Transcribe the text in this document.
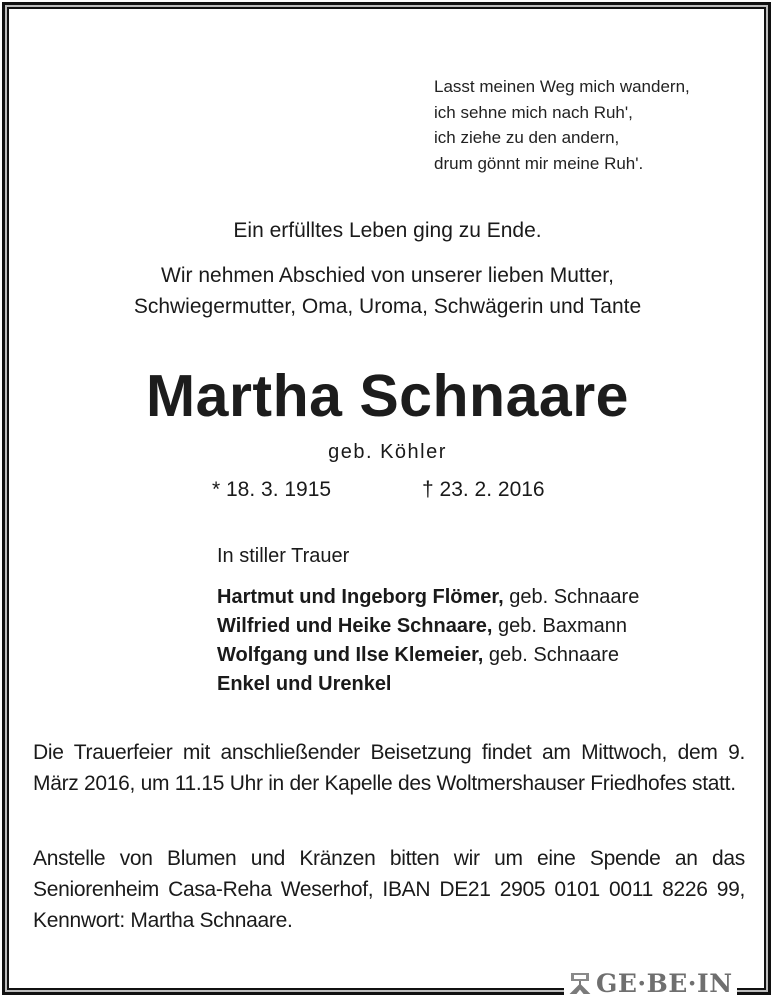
Lasst meinen Weg mich wandern,
ich sehne mich nach Ruh',
ich ziehe zu den andern,
drum gönnt mir meine Ruh'.
Ein erfülltes Leben ging zu Ende.
Wir nehmen Abschied von unserer lieben Mutter,
Schwiegermutter, Oma, Uroma, Schwägerin und Tante
Martha Schnaare
geb. Köhler
* 18. 3. 1915	† 23. 2. 2016
In stiller Trauer
Hartmut und Ingeborg Flömer, geb. Schnaare
Wilfried und Heike Schnaare, geb. Baxmann
Wolfgang und Ilse Klemeier, geb. Schnaare
Enkel und Urenkel
Die Trauerfeier mit anschließender Beisetzung findet am Mittwoch, dem 9. März 2016, um 11.15 Uhr in der Kapelle des Woltmershauser Friedhofes statt.
Anstelle von Blumen und Kränzen bitten wir um eine Spende an das Seniorenheim Casa-Reha Weserhof, IBAN DE21 2905 0101 0011 8226 99, Kennwort: Martha Schnaare.
GE·BE·IN
